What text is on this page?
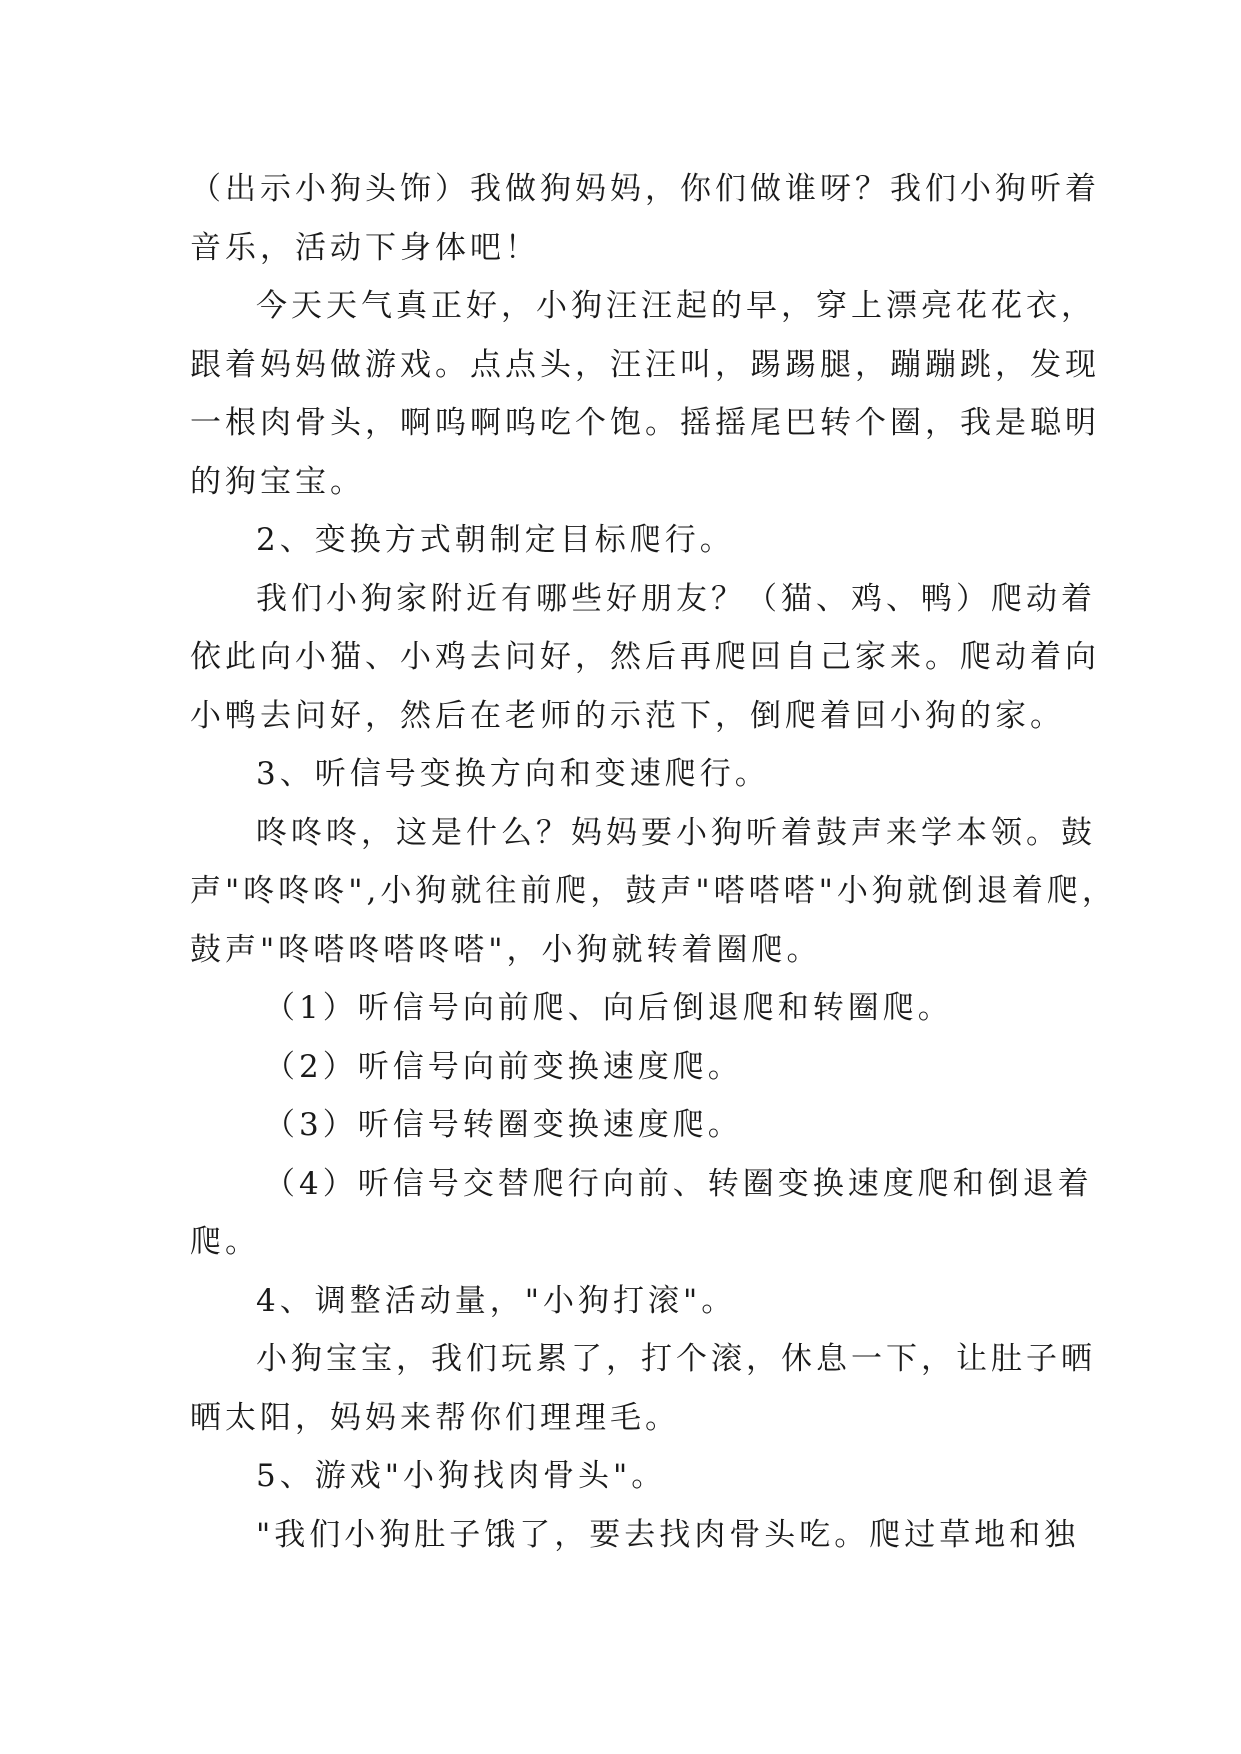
（出示小狗头饰）我做狗妈妈，你们做谁呀？我们小狗听着
音乐，活动下身体吧！
今天天气真正好，小狗汪汪起的早，穿上漂亮花花衣，
跟着妈妈做游戏。点点头，汪汪叫，踢踢腿，蹦蹦跳，发现
一根肉骨头，啊呜啊呜吃个饱。摇摇尾巴转个圈，我是聪明
的狗宝宝。
2、变换方式朝制定目标爬行。
我们小狗家附近有哪些好朋友？（猫、鸡、鸭）爬动着
依此向小猫、小鸡去问好，然后再爬回自己家来。爬动着向
小鸭去问好，然后在老师的示范下，倒爬着回小狗的家。
3、听信号变换方向和变速爬行。
咚咚咚，这是什么？妈妈要小狗听着鼓声来学本领。鼓
声"咚咚咚",小狗就往前爬，鼓声"嗒嗒嗒"小狗就倒退着爬，
鼓声"咚嗒咚嗒咚嗒"，小狗就转着圈爬。
（1）听信号向前爬、向后倒退爬和转圈爬。
（2）听信号向前变换速度爬。
（3）听信号转圈变换速度爬。
（4）听信号交替爬行向前、转圈变换速度爬和倒退着
爬。
4、调整活动量，"小狗打滚"。
小狗宝宝，我们玩累了，打个滚，休息一下，让肚子晒
晒太阳，妈妈来帮你们理理毛。
5、游戏"小狗找肉骨头"。
"我们小狗肚子饿了，要去找肉骨头吃。爬过草地和独
